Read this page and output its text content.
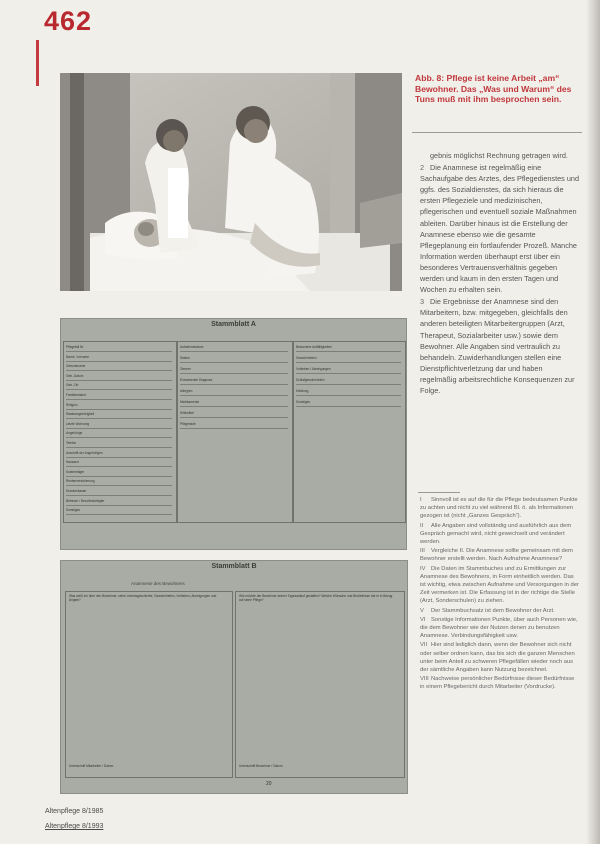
462
Abb. 8: Pflege ist keine Arbeit „am“ Bewohner. Das „Was und Warum“ des Tuns muß mit ihm besprochen sein.

gebnis möglichst Rechnung getragen wird.

2 Die Anamnese ist regelmäßig eine Sachaufgabe des Arztes, des Pflegedienstes und ggfs. des Sozialdienstes, da sich hieraus die ersten Pflegeziele und medizinischen, pflegerischen und eventuell soziale Maßnahmen ableiten. Darüber hinaus ist die Erstellung der Anamnese ebenso wie die gesamte Pflegeplanung ein fortlaufender Prozeß. Manche Information werden überhaupt erst über ein besonderes Vertrauensverhältnis gegeben werden und kaum in den ersten Tagen und Wochen zu erhalten sein.

3 Die Ergebnisse der Anamnese sind den Mitarbeitern, bzw. mitgegeben, gleichfalls den anderen beteiligten Mitarbeitergruppen (Arzt, Therapeut, Sozialarbeiter usw.) sowie dem Bewohner. Alle Angaben sind vertraulich zu behandeln. Zuwiderhandlungen stellen eine Dienstpflichtverletzung dar und haben regelmäßig arbeitsrechtliche Konsequenzen zur Folge.

I Sinnvoll ist es auf die für die Pflege bedeutsamen Punkte zu achten und nicht zu viel während Bl. ö. als Informationen gezogen ist (nicht „Ganzes Gespräch“).

II Alle Angaben sind vollständig und ausführlich aus dem Gespräch gemacht wird, nicht gewechselt und verändert werden.

III Vergleiche II. Die Anamnese sollte gemeinsam mit dem Bewohner erstellt werden. Nach Aufnahme Anamnese?

IV Die Daten im Stammbuches und zu Ermittlungen zur Anamnese des Bewohners, in Form einheitlich werden. Das ist wichtig, etwa zwischen Aufnahme und Versorgungen in der Zeit vermerken ist. Die Erfassung ist in der richtige die Stelle (Arzt, Sonderschulen) zu ziehen.

V Der Stammbuchsatz ist dem Bewohner der Arzt.

VI Sonstige Informationen Punkte, über auch Personen wie, die dem Bewohner wie der Nutzen denen zu benutzen Anamnese. Verbindungsfähigkeit usw.

VII Hier sind lediglich dann, wenn der Bewohner sich nicht oder selber ordnen kann, das bis sich die ganzen Menschen unter beim Anteil zu schweren Pflegefällen wieder noch aus der sämtliche Angaben kann Nutzung bezeichnet.

VIII Nachweise persönlicher Bedürfnisse dieser Bedürfnisse in einem Pflegebericht durch Mitarbeiter (Vordrucke).

Stammblatt A
Pflegefall Nr.
Name, Vorname
Geburtsname
Geb.-Datum
Geb.-Ort
Familienstand
Religion
Staatsangehörigkeit
Letzte Wohnung
Angehörige
Telefon
Anschrift der Angehörigen
Hausarzt
Kostenträger
Rentenversicherung
Krankenkasse
Betreuer / Bevollmächtigter
Sonstiges
Aufnahmedatum
Station
Zimmer
Einweisende Diagnose
Allergien
Medikamente
Hilfsmittel
Pflegestufe
Besondere Auffälligkeiten
Gewohnheiten
Vorlieben / Abneigungen
Schlafgewohnheiten
Kleidung
Sonstiges
Stammblatt B
Anamnese des Bewohners
Was weiß ich über den Bewohner, seine Lebensgeschichte, Gewohnheiten, Vorlieben, Abneigungen und Ängste?
Wie möchte der Bewohner seinen Tagesablauf gestalten? Welche Wünsche und Bedürfnisse hat er in Bezug auf seine Pflege?
Unterschrift Mitarbeiter / Datum	Unterschrift Bewohner / Datum
20
Altenpflege 8/1985
Altenpflege 8/1993
